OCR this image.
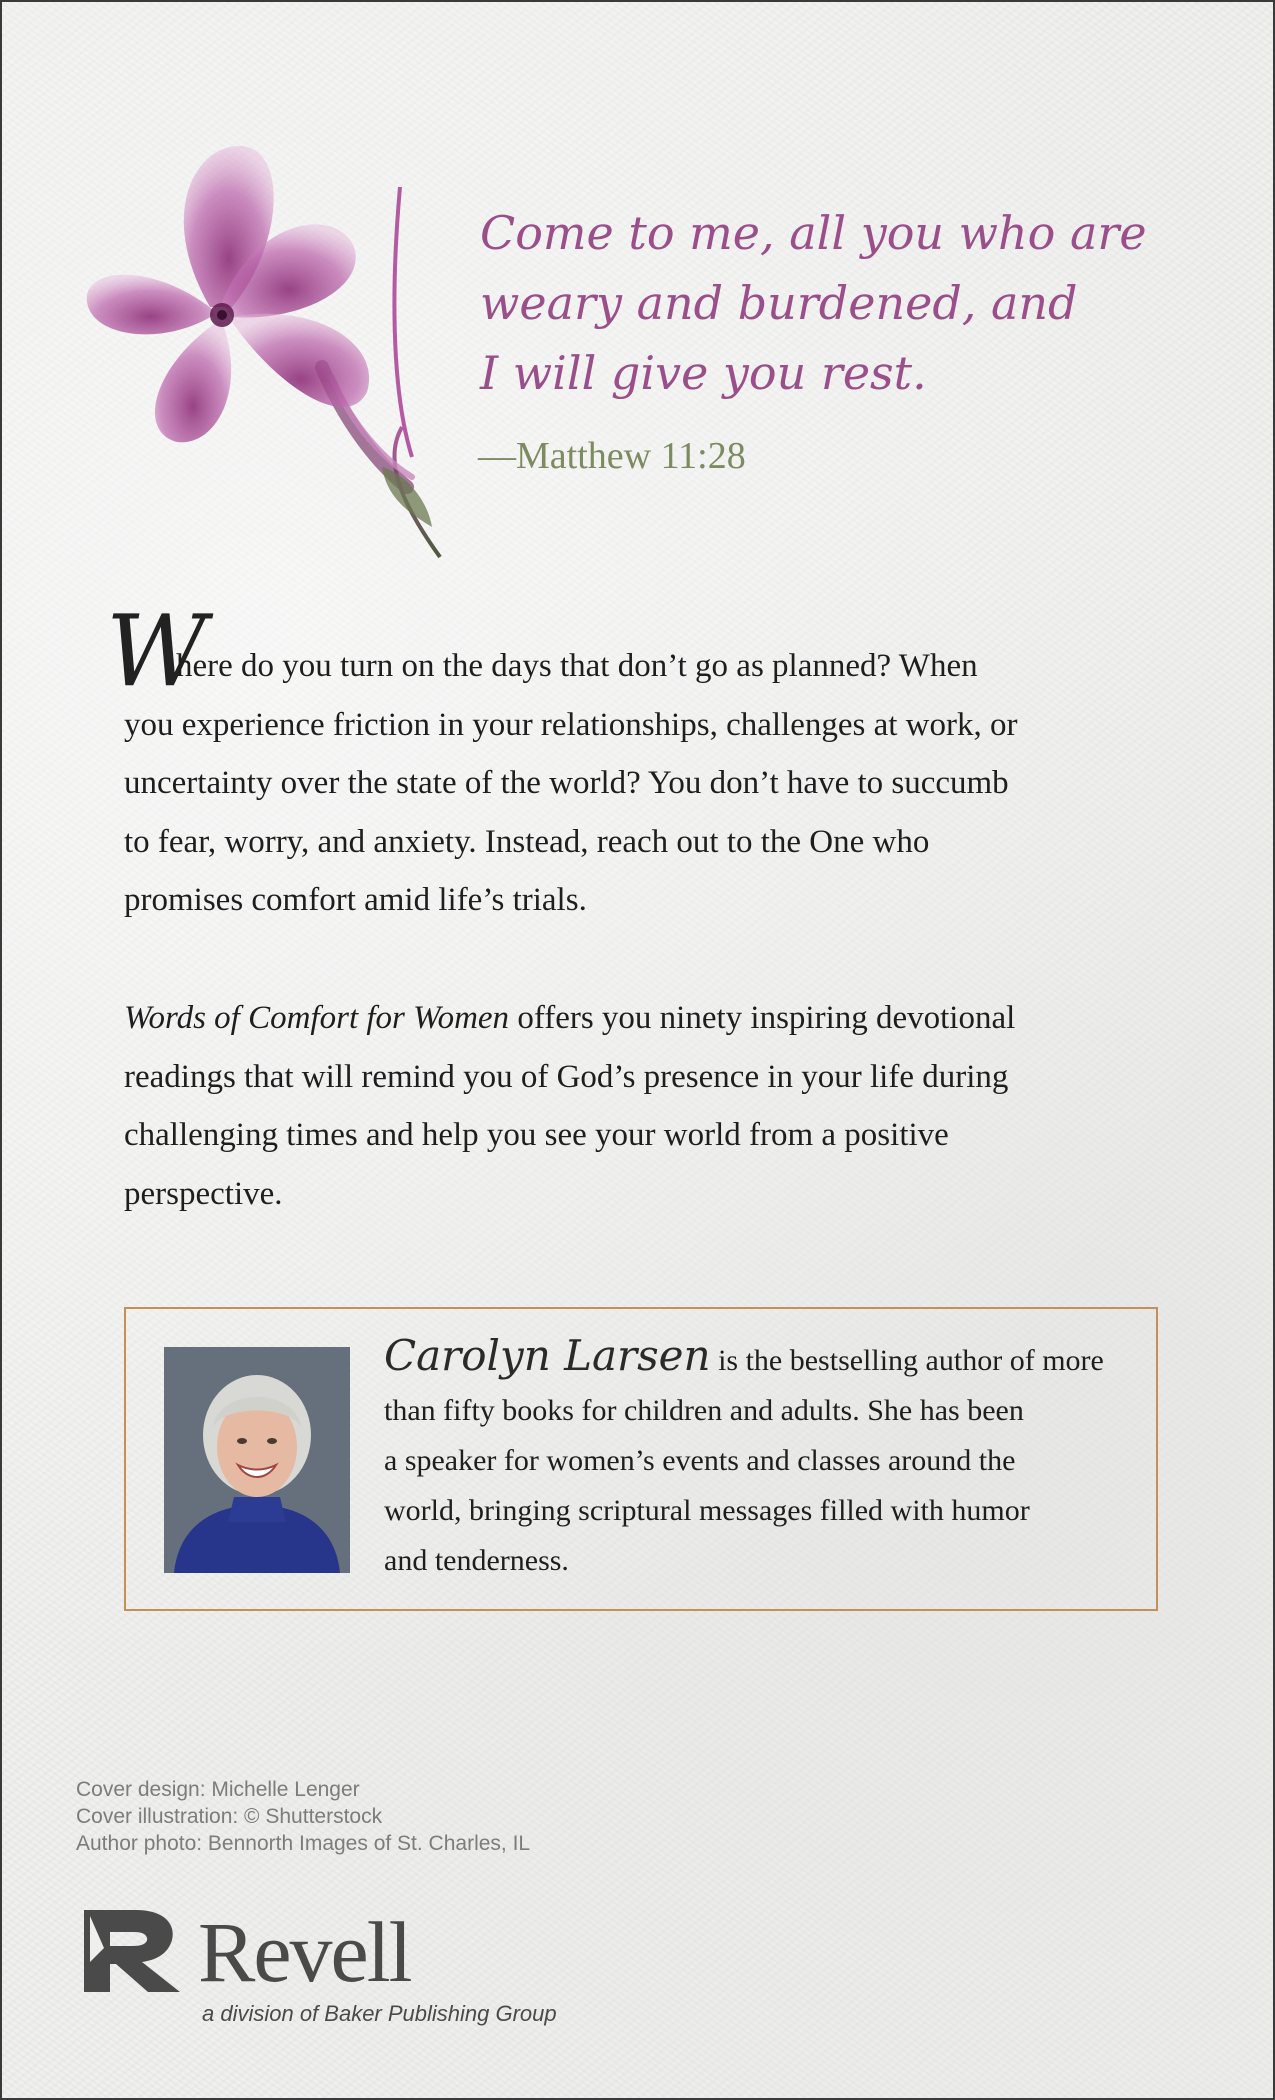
Come to me, all you who are
weary and burdened, and
I will give you rest.
—Matthew 11:28
W
here do you turn on the days that don’t go as planned? When
you experience friction in your relationships, challenges at work, or
uncertainty over the state of the world? You don’t have to succumb
to fear, worry, and anxiety. Instead, reach out to the One who
promises comfort amid life’s trials.
Words of Comfort for Women offers you ninety inspiring devotional
readings that will remind you of God’s presence in your life during
challenging times and help you see your world from a positive
perspective.
Carolyn Larsen is the bestselling author of more
than fifty books for children and adults. She has been
a speaker for women’s events and classes around the
world, bringing scriptural messages filled with humor
and tenderness.
Cover design: Michelle Lenger
Cover illustration: © Shutterstock
Author photo: Bennorth Images of St. Charles, IL
Revell
a division of Baker Publishing Group
